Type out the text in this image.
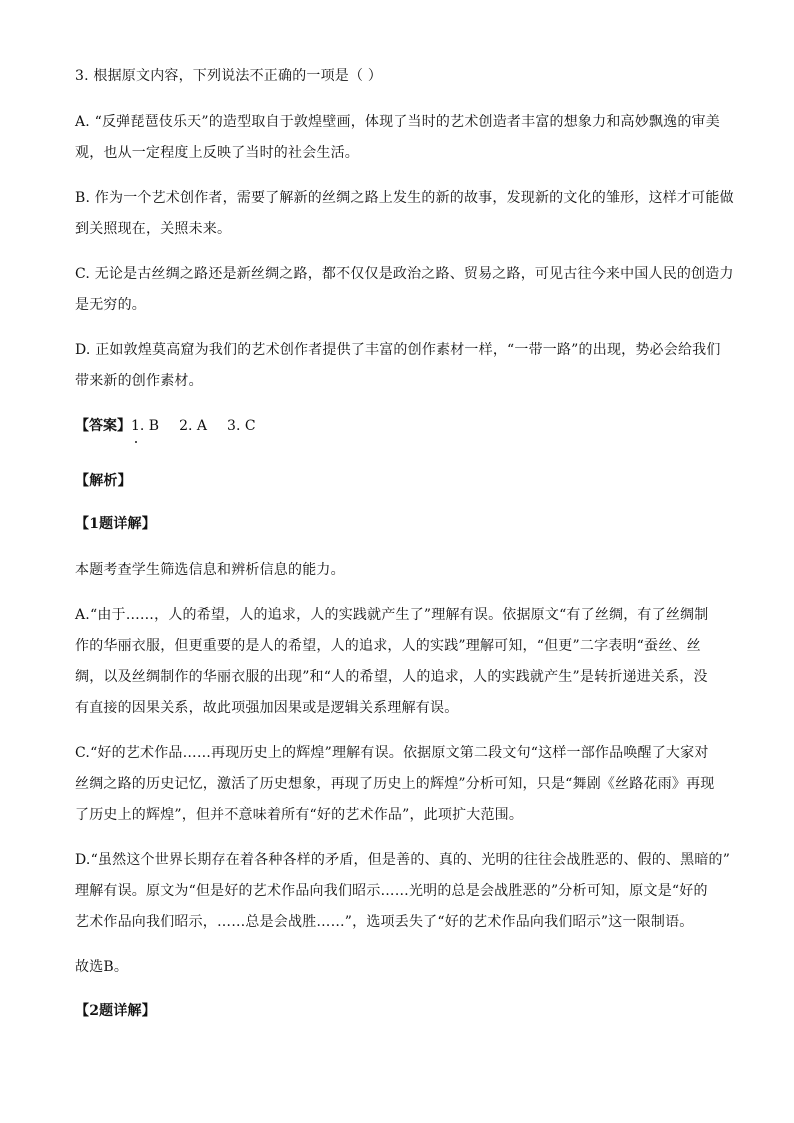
3. 根据原文内容，下列说法不正确的一项是（ ）
A. “反弹琵琶伎乐天”的造型取自于敦煌壁画，体现了当时的艺术创造者丰富的想象力和高妙飘逸的审美
观，也从一定程度上反映了当时的社会生活。
B. 作为一个艺术创作者，需要了解新的丝绸之路上发生的新的故事，发现新的文化的雏形，这样才可能做
到关照现在，关照未来。
C. 无论是古丝绸之路还是新丝绸之路，都不仅仅是政治之路、贸易之路，可见古往今来中国人民的创造力
是无穷的。
D. 正如敦煌莫高窟为我们的艺术创作者提供了丰富的创作素材一样，“一带一路”的出现，势必会给我们
带来新的创作素材。
【答案】1. B 2. A 3. C
【解析】
【1题详解】
本题考查学生筛选信息和辨析信息的能力。
A.“由于……，人的希望，人的追求，人的实践就产生了”理解有误。依据原文“有了丝绸，有了丝绸制
作的华丽衣服，但更重要的是人的希望，人的追求，人的实践”理解可知，“但更”二字表明“蚕丝、丝
绸，以及丝绸制作的华丽衣服的出现”和“人的希望，人的追求，人的实践就产生”是转折递进关系，没
有直接的因果关系，故此项强加因果或是逻辑关系理解有误。
C.“好的艺术作品……再现历史上的辉煌”理解有误。依据原文第二段文句“这样一部作品唤醒了大家对
丝绸之路的历史记忆，激活了历史想象，再现了历史上的辉煌”分析可知，只是“舞剧《丝路花雨》再现
了历史上的辉煌”，但并不意味着所有“好的艺术作品”，此项扩大范围。
D.“虽然这个世界长期存在着各种各样的矛盾，但是善的、真的、光明的往往会战胜恶的、假的、黑暗的”
理解有误。原文为“但是好的艺术作品向我们昭示……光明的总是会战胜恶的”分析可知，原文是“好的
艺术作品向我们昭示，……总是会战胜……”，选项丢失了“好的艺术作品向我们昭示”这一限制语。
故选B。
【2题详解】
